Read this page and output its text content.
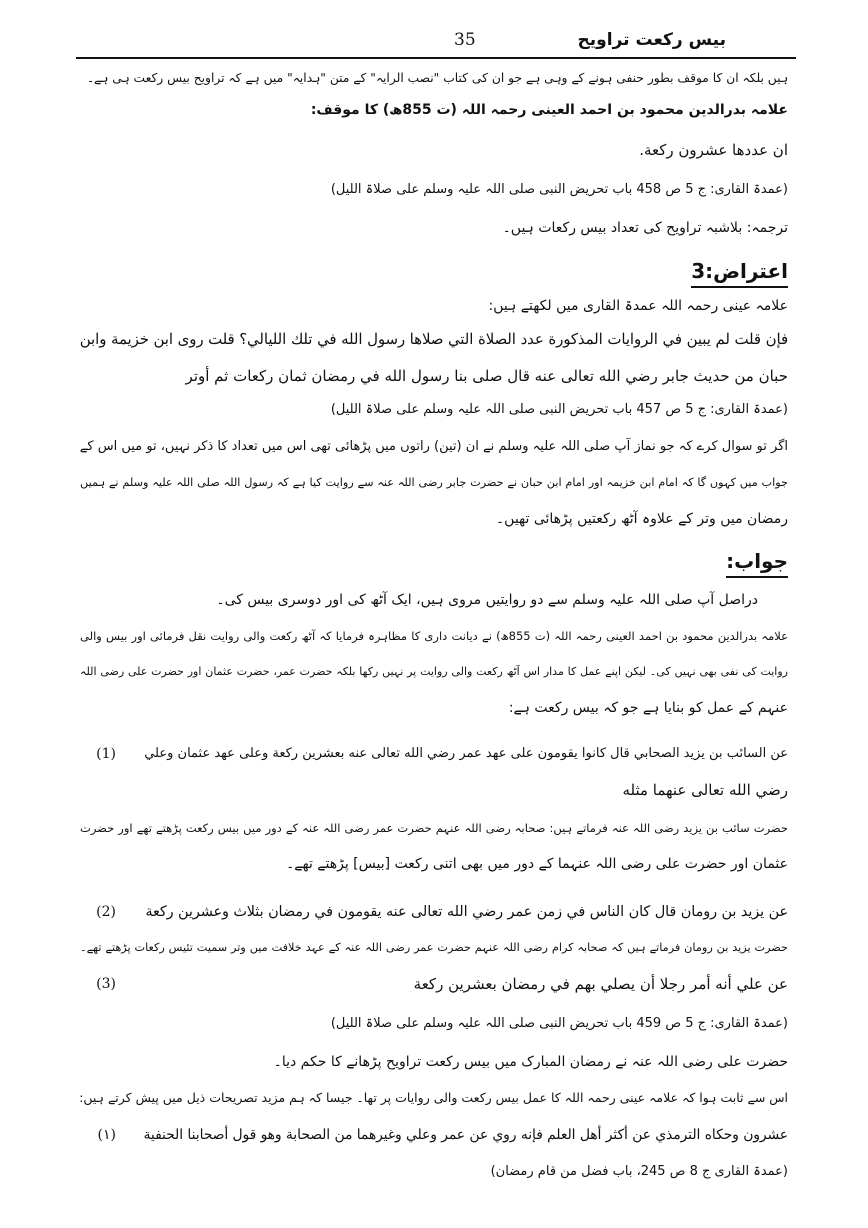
بیس رکعت تراویح
35
ہیں بلکہ ان کا موقف بطور حنفی ہونے کے وہی ہے جو ان کی کتاب "نصب الرایہ" کے متن "ہدایہ" میں ہے کہ تراویح بیس رکعت ہی ہے۔
علامہ بدرالدین محمود بن احمد العینی رحمہ اللہ (ت 855ھ) کا موقف:
ان عددها عشرون رکعة.
(عمدۃ القاری: ج 5 ص 458 باب تحریض النبی صلی اللہ علیہ وسلم علی صلاۃ اللیل)
ترجمہ: بلاشبہ تراویح کی تعداد بیس رکعات ہیں۔
اعتراض:3
علامہ عینی رحمہ اللہ عمدۃ القاری میں لکھتے ہیں:
فإن قلت لم يبين في الروايات المذكورة عدد الصلاة التي صلاها رسول الله في تلك الليالي؟ قلت روى ابن خزيمة وابن
حبان من حديث جابر رضي الله تعالى عنه قال صلى بنا رسول الله في رمضان ثمان ركعات ثم أوتر
(عمدۃ القاری: ج 5 ص 457 باب تحریض النبی صلی اللہ علیہ وسلم علی صلاۃ اللیل)
اگر تو سوال کرے کہ جو نماز آپ صلی اللہ علیہ وسلم نے ان (تین) راتوں میں پڑھائی تھی اس میں تعداد کا ذکر نہیں، تو میں اس کے
جواب میں کہوں گا کہ امام ابن خزیمہ اور امام ابن حبان نے حضرت جابر رضی اللہ عنہ سے روایت کیا ہے کہ رسول اللہ صلی اللہ علیہ وسلم نے ہمیں
رمضان میں وتر کے علاوہ آٹھ رکعتیں پڑھائی تھیں۔
جواب:
دراصل آپ صلی اللہ علیہ وسلم سے دو روایتیں مروی ہیں، ایک آٹھ کی اور دوسری بیس کی۔
علامہ بدرالدین محمود بن احمد العینی رحمہ اللہ (ت 855ھ) نے دیانت داری کا مظاہرہ فرمایا کہ آٹھ رکعت والی روایت نقل فرمائی اور بیس والی
روایت کی نفی بھی نہیں کی۔ لیکن اپنے عمل کا مدار اس آٹھ رکعت والی روایت پر نہیں رکھا بلکہ حضرت عمر، حضرت عثمان اور حضرت علی رضی اللہ
عنہم کے عمل کو بنایا ہے جو کہ بیس رکعت ہے:
(1) عن السائب بن يزيد الصحابي قال كانوا يقومون على عهد عمر رضي الله تعالى عنه بعشرين ركعة وعلى عهد عثمان وعلي
رضي الله تعالى عنهما مثله
حضرت سائب بن یزید رضی اللہ عنہ فرماتے ہیں: صحابہ رضی اللہ عنہم حضرت عمر رضی اللہ عنہ کے دور میں بیس رکعت پڑھتے تھے اور حضرت
عثمان اور حضرت علی رضی اللہ عنہما کے دور میں بھی اتنی رکعت [بیس] پڑھتے تھے۔
(2) عن يزيد بن رومان قال كان الناس في زمن عمر رضي الله تعالى عنه يقومون في رمضان بثلاث وعشرين ركعة
حضرت یزید بن رومان فرماتے ہیں کہ صحابہ کرام رضی اللہ عنہم حضرت عمر رضی اللہ عنہ کے عہد خلافت میں وتر سمیت تئیس رکعات پڑھتے تھے۔
(3)	عن علي أنه أمر رجلا أن يصلي بهم في رمضان بعشرين ركعة
(عمدۃ القاری: ج 5 ص 459 باب تحریض النبی صلی اللہ علیہ وسلم علی صلاۃ اللیل)
حضرت علی رضی اللہ عنہ نے رمضان المبارک میں بیس رکعت تراویح پڑھانے کا حکم دیا۔
اس سے ثابت ہوا کہ علامہ عینی رحمہ اللہ کا عمل بیس رکعت والی روایات پر تھا۔ جیسا کہ ہم مزید تصریحات ذیل میں پیش کرتے ہیں:
(۱) عشرون وحكاه الترمذي عن أكثر أهل العلم فإنه روي عن عمر وعلي وغيرهما من الصحابة وهو قول أصحابنا الحنفية
(عمدۃ القاری ج 8 ص 245، باب فضل من قام رمضان)
